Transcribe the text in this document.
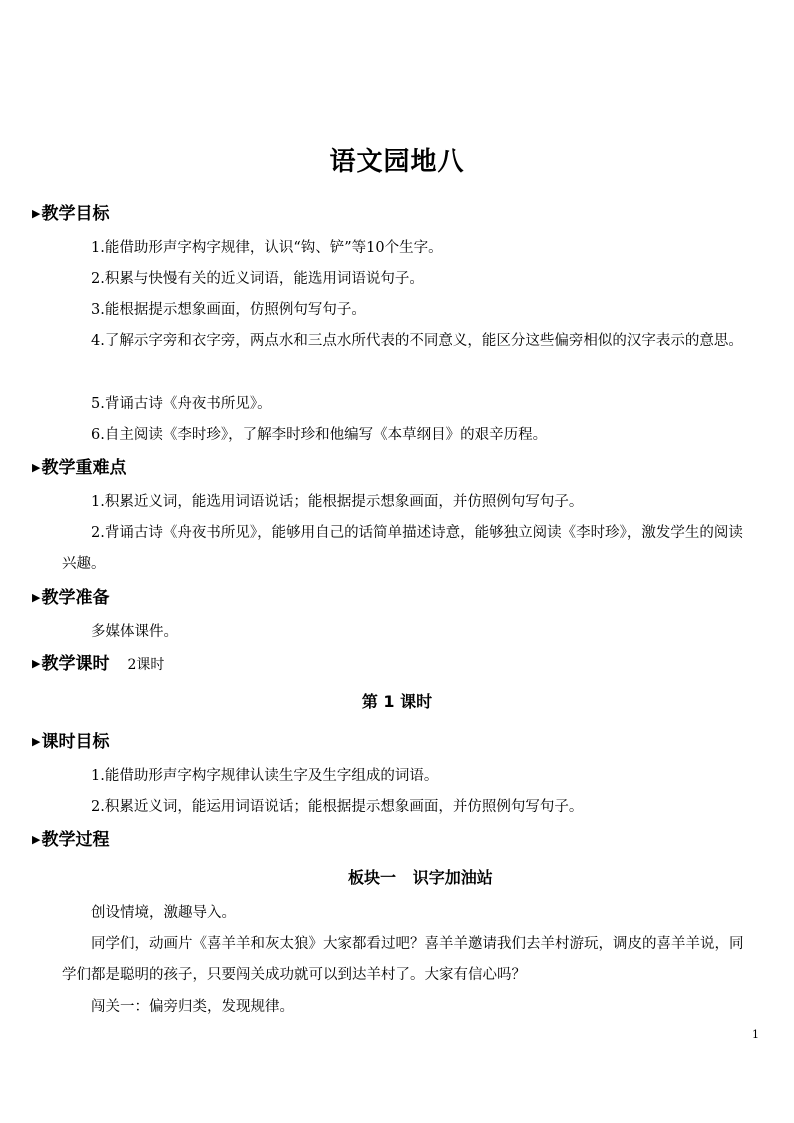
语文园地八
▶教学目标
1.能借助形声字构字规律，认识“钩、铲”等10个生字。
2.积累与快慢有关的近义词语，能选用词语说句子。
3.能根据提示想象画面，仿照例句写句子。
4.了解示字旁和衣字旁，两点水和三点水所代表的不同意义，能区分这些偏旁相似的汉字表示的意思。
5.背诵古诗《舟夜书所见》。
6.自主阅读《李时珍》，了解李时珍和他编写《本草纲目》的艰辛历程。
▶教学重难点
1.积累近义词，能选用词语说话；能根据提示想象画面，并仿照例句写句子。
2.背诵古诗《舟夜书所见》，能够用自己的话简单描述诗意，能够独立阅读《李时珍》，激发学生的阅读兴趣。
▶教学准备
多媒体课件。
▶教学课时 2课时
第 1 课时
▶课时目标
1.能借助形声字构字规律认读生字及生字组成的词语。
2.积累近义词，能运用词语说话；能根据提示想象画面，并仿照例句写句子。
▶教学过程
板块一   识字加油站
创设情境，激趣导入。
同学们，动画片《喜羊羊和灰太狼》大家都看过吧？喜羊羊邀请我们去羊村游玩，调皮的喜羊羊说，同学们都是聪明的孩子，只要闯关成功就可以到达羊村了。大家有信心吗？
闯关一：偏旁归类，发现规律。
1
